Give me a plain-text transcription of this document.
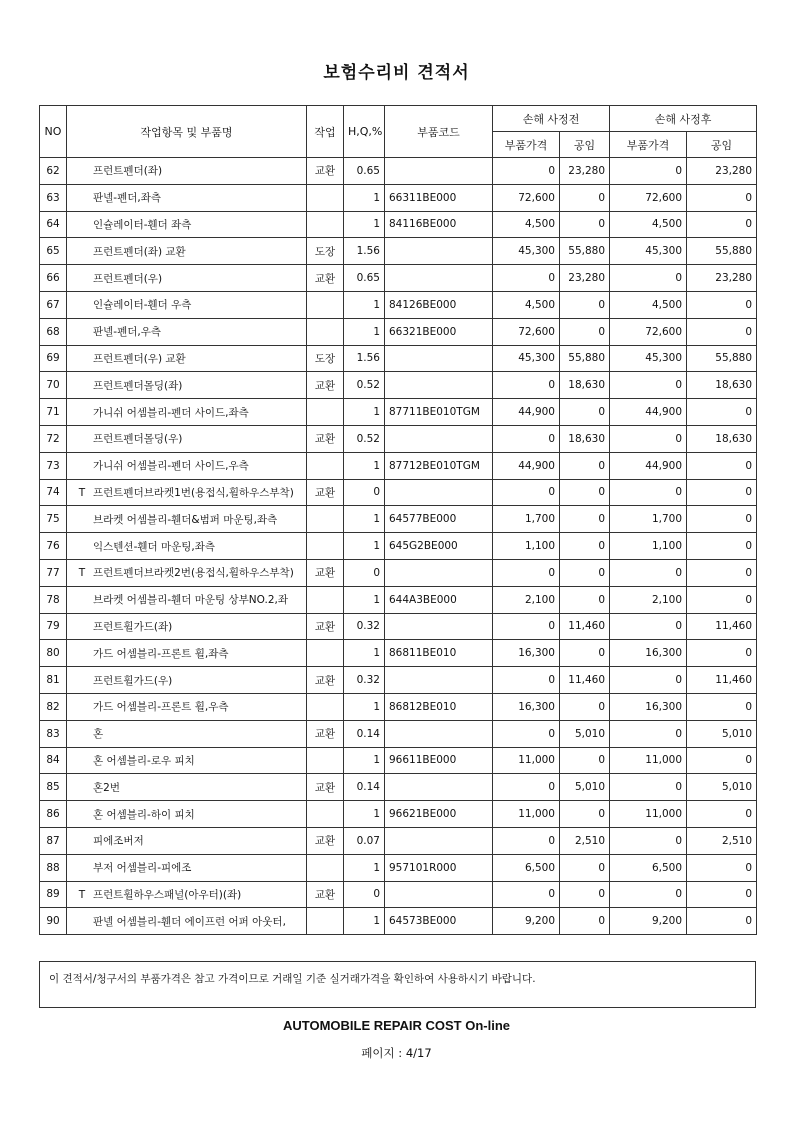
보험수리비 견적서
NO	작업항목 및 부품명	작업	H,Q,%	부품코드	손해 사정전		손해 사정후	
					부품가격	공임	부품가격	공임
62	프런트펜더(좌)	교환	0.65		0	23,280	0	23,280
63	판넬-펜더,좌측		1	66311BE000	72,600	0	72,600	0
64	인슐레이터-휀더 좌측		1	84116BE000	4,500	0	4,500	0
65	프런트펜더(좌) 교환	도장	1.56		45,300	55,880	45,300	55,880
66	프런트펜더(우)	교환	0.65		0	23,280	0	23,280
67	인슐레이터-휀더 우측		1	84126BE000	4,500	0	4,500	0
68	판넬-펜더,우측		1	66321BE000	72,600	0	72,600	0
69	프런트펜더(우) 교환	도장	1.56		45,300	55,880	45,300	55,880
70	프런트펜더몰딩(좌)	교환	0.52		0	18,630	0	18,630
71	가니쉬 어셈블리-펜더 사이드,좌측		1	87711BE010TGM	44,900	0	44,900	0
72	프런트펜더몰딩(우)	교환	0.52		0	18,630	0	18,630
73	가니쉬 어셈블리-펜더 사이드,우측		1	87712BE010TGM	44,900	0	44,900	0
74	T 프런트펜더브라켓1번(용접식,휠하우스부착)	교환	0		0	0	0	0
75	브라켓 어셈블리-휀더&범퍼 마운팅,좌측		1	64577BE000	1,700	0	1,700	0
76	익스텐션-휀더 마운팅,좌측		1	645G2BE000	1,100	0	1,100	0
77	T 프런트펜더브라켓2번(용접식,휠하우스부착)	교환	0		0	0	0	0
78	브라켓 어셈블리-휀더 마운팅 상부NO.2,좌		1	644A3BE000	2,100	0	2,100	0
79	프런트휠가드(좌)	교환	0.32		0	11,460	0	11,460
80	가드 어셈블리-프론트 휠,좌측		1	86811BE010	16,300	0	16,300	0
81	프런트휠가드(우)	교환	0.32		0	11,460	0	11,460
82	가드 어셈블리-프론트 휠,우측		1	86812BE010	16,300	0	16,300	0
83	혼	교환	0.14		0	5,010	0	5,010
84	혼 어셈블리-로우 피치		1	96611BE000	11,000	0	11,000	0
85	혼2번	교환	0.14		0	5,010	0	5,010
86	혼 어셈블리-하이 피치		1	96621BE000	11,000	0	11,000	0
87	피에조버저	교환	0.07		0	2,510	0	2,510
88	부저 어셈블리-피에조		1	957101R000	6,500	0	6,500	0
89	T 프런트휠하우스패널(아우터)(좌)	교환	0		0	0	0	0
90	판넬 어셈블리-휀더 에이프런 어퍼 아웃터,		1	64573BE000	9,200	0	9,200	0
이 견적서/청구서의 부품가격은 참고 가격이므로 거래일 기준 실거래가격을 확인하여 사용하시기 바랍니다.
AUTOMOBILE REPAIR COST On-line
페이지 : 4/17
